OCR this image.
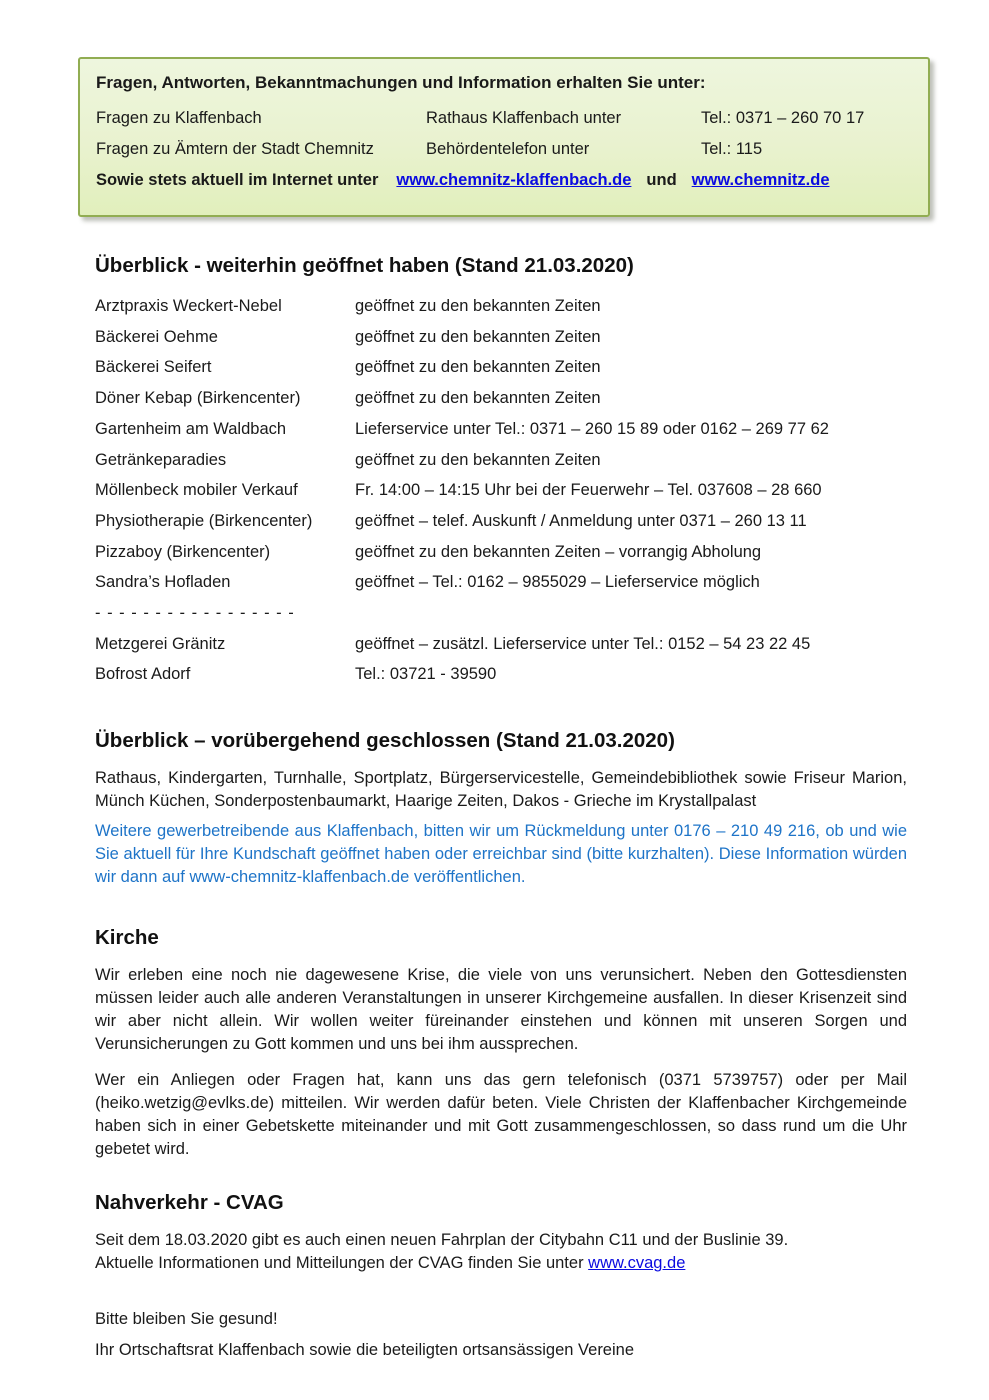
Fragen, Antworten, Bekanntmachungen und Information erhalten Sie unter:
Fragen zu Klaffenbach	Rathaus Klaffenbach unter	Tel.: 0371 – 260 70 17
Fragen zu Ämtern der Stadt Chemnitz	Behördentelefon unter	Tel.: 115
Sowie stets aktuell im Internet unter www.chemnitz-klaffenbach.de und www.chemnitz.de
Überblick - weiterhin geöffnet haben (Stand 21.03.2020)
Arztpraxis Weckert-Nebel	geöffnet zu den bekannten Zeiten
Bäckerei Oehme	geöffnet zu den bekannten Zeiten
Bäckerei Seifert	geöffnet zu den bekannten Zeiten
Döner Kebap (Birkencenter)	geöffnet zu den bekannten Zeiten
Gartenheim am Waldbach	Lieferservice unter Tel.: 0371 – 260 15 89 oder 0162 – 269 77 62
Getränkeparadies	geöffnet zu den bekannten Zeiten
Möllenbeck mobiler Verkauf	Fr. 14:00 – 14:15 Uhr bei der Feuerwehr – Tel. 037608 – 28 660
Physiotherapie (Birkencenter)	geöffnet – telef. Auskunft / Anmeldung unter 0371 – 260 13 11
Pizzaboy (Birkencenter)	geöffnet zu den bekannten Zeiten – vorrangig Abholung
Sandra’s Hofladen	geöffnet – Tel.: 0162 – 9855029 – Lieferservice möglich
- - - - - - - - - - - - - - - - -
Metzgerei Gränitz	geöffnet – zusätzl. Lieferservice unter Tel.: 0152 – 54 23 22 45
Bofrost Adorf	Tel.: 03721 - 39590
Überblick – vorübergehend geschlossen (Stand 21.03.2020)

Rathaus, Kindergarten, Turnhalle, Sportplatz, Bürgerservicestelle, Gemeindebibliothek sowie Friseur Marion, Münch Küchen, Sonderpostenbaumarkt, Haarige Zeiten, Dakos - Grieche im Krystallpalast

Weitere gewerbetreibende aus Klaffenbach, bitten wir um Rückmeldung unter 0176 – 210 49 216, ob und wie Sie aktuell für Ihre Kundschaft geöffnet haben oder erreichbar sind (bitte kurzhalten). Diese Information würden wir dann auf www-chemnitz-klaffenbach.de veröffentlichen.

Kirche

Wir erleben eine noch nie dagewesene Krise, die viele von uns verunsichert. Neben den Gottesdiensten müssen leider auch alle anderen Veranstaltungen in unserer Kirchgemeine ausfallen. In dieser Krisenzeit sind wir aber nicht allein. Wir wollen weiter füreinander einstehen und können mit unseren Sorgen und Verunsicherungen zu Gott kommen und uns bei ihm aussprechen.

Wer ein Anliegen oder Fragen hat, kann uns das gern telefonisch (0371 5739757) oder per Mail (heiko.wetzig@evlks.de) mitteilen. Wir werden dafür beten. Viele Christen der Klaffenbacher Kirchgemeinde haben sich in einer Gebetskette miteinander und mit Gott zusammengeschlossen, so dass rund um die Uhr gebetet wird.

Nahverkehr - CVAG

Seit dem 18.03.2020 gibt es auch einen neuen Fahrplan der Citybahn C11 und der Buslinie 39.
Aktuelle Informationen und Mitteilungen der CVAG finden Sie unter www.cvag.de

Bitte bleiben Sie gesund!

Ihr Ortschaftsrat Klaffenbach sowie die beteiligten ortsansässigen Vereine
